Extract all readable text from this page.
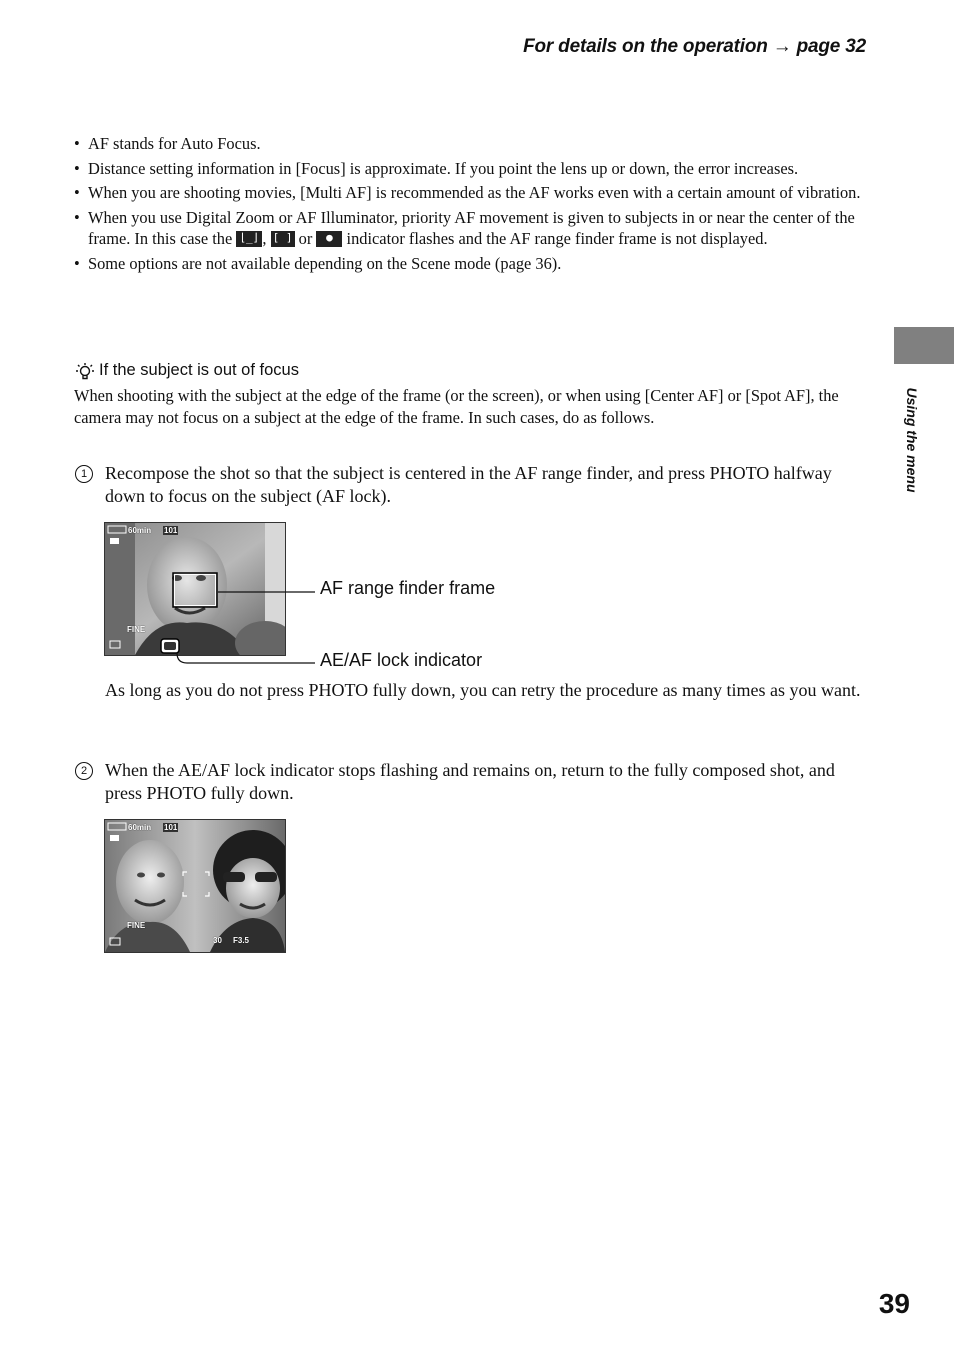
For details on the operation → page 32
• AF stands for Auto Focus.
• Distance setting information in [Focus] is approximate. If you point the lens up or down, the error increases.
• When you are shooting movies, [Multi AF] is recommended as the AF works even with a certain amount of vibration.
• When you use Digital Zoom or AF Illuminator, priority AF movement is given to subjects in or near the center of the frame. In this case the ⌊_⌋ , [ ] or ● indicator flashes and the AF range finder frame is not displayed.
• Some options are not available depending on the Scene mode (page 36).
If the subject is out of focus
When shooting with the subject at the edge of the frame (or the screen), or when using [Center AF] or [Spot AF], the camera may not focus on a subject at the edge of the frame. In such cases, do as follows.
1 Recompose the shot so that the subject is centered in the AF range finder, and press PHOTO halfway down to focus on the subject (AF lock).
60min 101
FINE
AF range finder frame
AE/AF lock indicator
As long as you do not press PHOTO fully down, you can retry the procedure as many times as you want.
2 When the AE/AF lock indicator stops flashing and remains on, return to the fully composed shot, and press PHOTO fully down.
60min 101
FINE
30 F3.5
Using the menu
39
